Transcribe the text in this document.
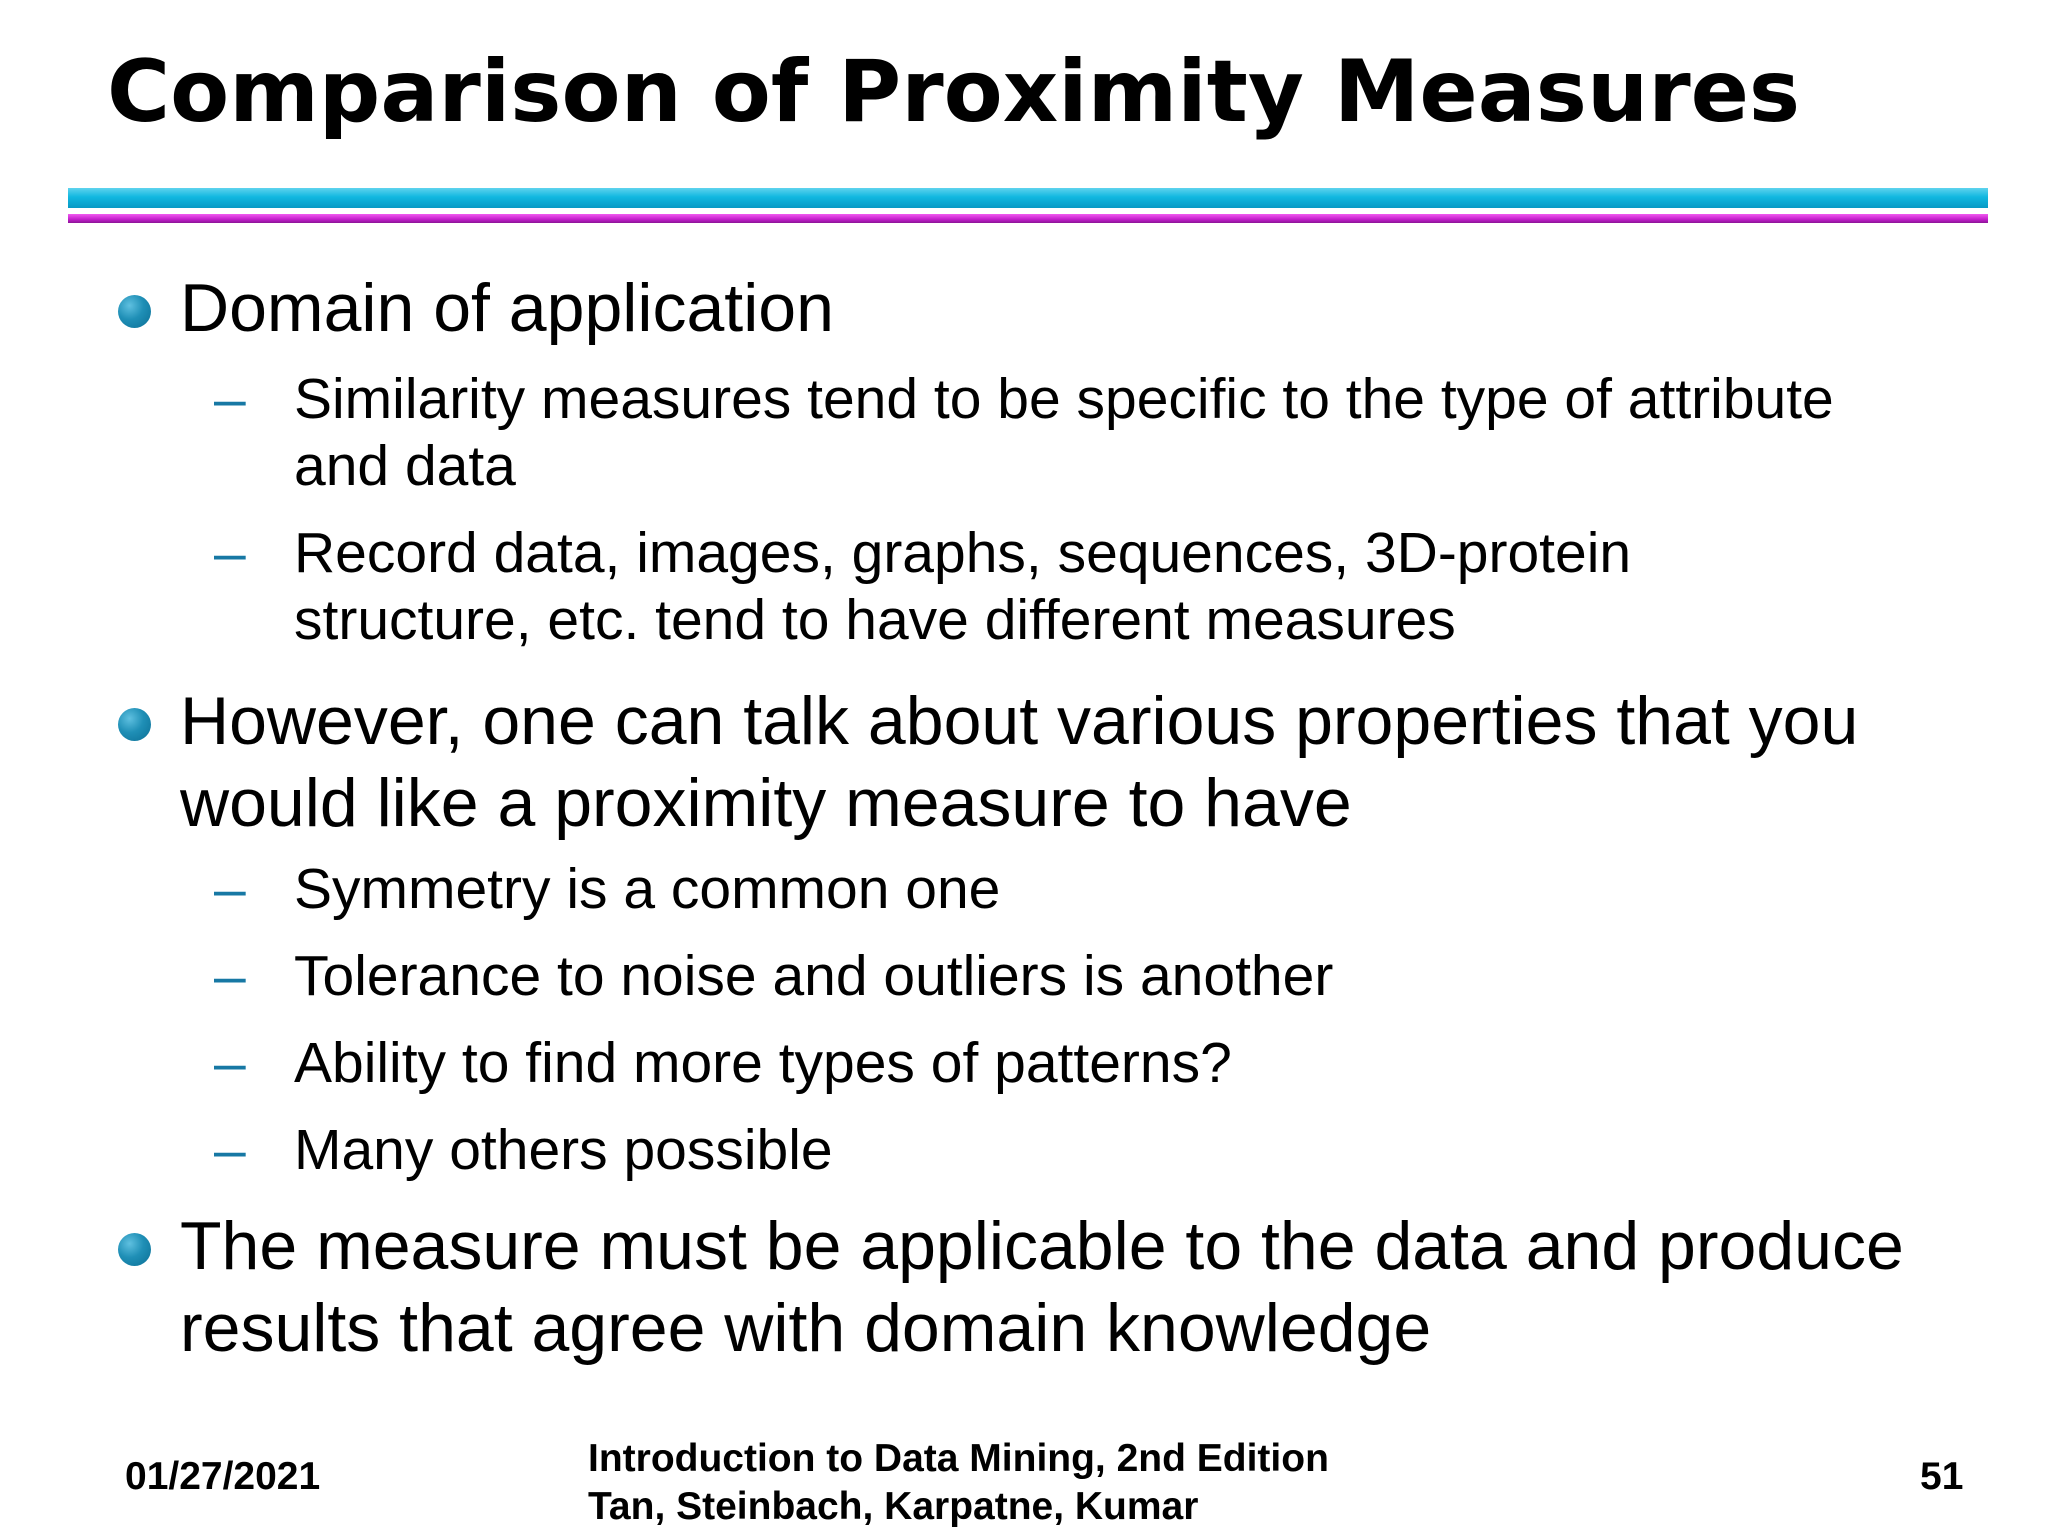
Comparison of Proximity Measures
Domain of application
– Similarity measures tend to be specific to the type of attribute and data
– Record data, images, graphs, sequences, 3D-protein structure, etc. tend to have different measures
However, one can talk about various properties that you would like a proximity measure to have
– Symmetry is a common one
– Tolerance to noise and outliers is another
– Ability to find more types of patterns?
– Many others possible
The measure must be applicable to the data and produce results that agree with domain knowledge
01/27/2021	Introduction to Data Mining, 2nd Edition
Tan, Steinbach, Karpatne, Kumar
51
